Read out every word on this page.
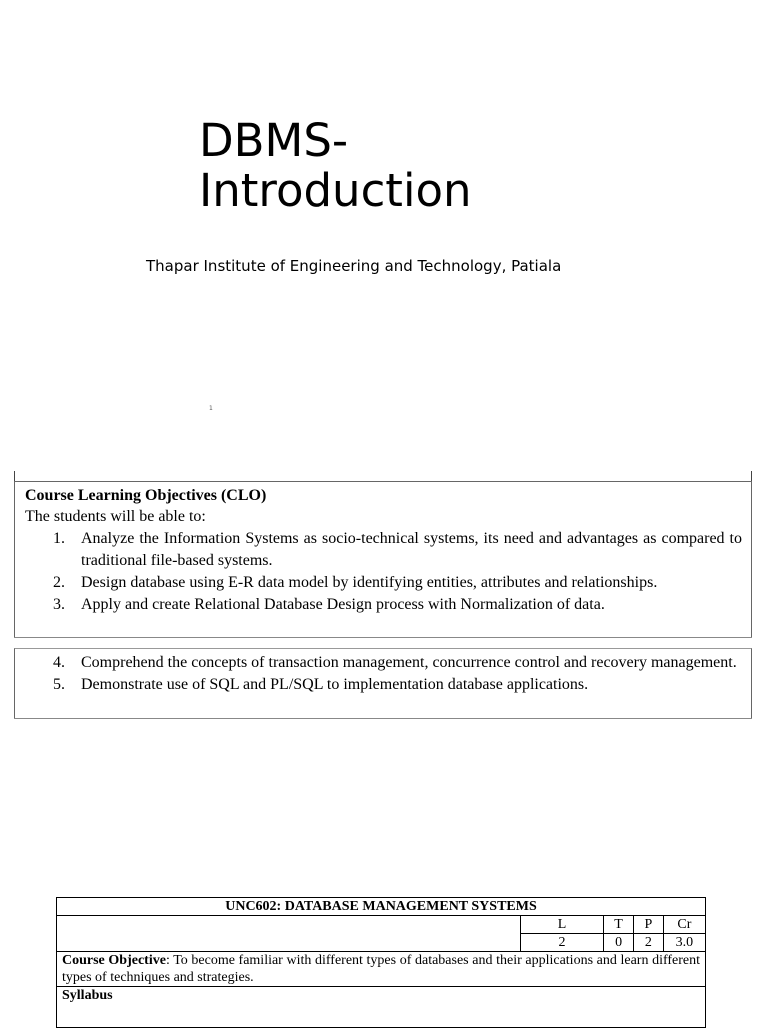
DBMS-
Introduction
Thapar Institute of Engineering and Technology, Patiala
1
Course Learning Objectives (CLO)
The students will be able to:
1. Analyze the Information Systems as socio-technical systems, its need and advantages as compared to traditional file-based systems.
2. Design database using E-R data model by identifying entities, attributes and relationships.
3. Apply and create Relational Database Design process with Normalization of data.
4. Comprehend the concepts of transaction management, concurrence control and recovery management.
5. Demonstrate use of SQL and PL/SQL to implementation database applications.
UNC602: DATABASE MANAGEMENT SYSTEMS				
	L	T	P	Cr
	2	0	2	3.0
Course Objective: To become familiar with different types of databases and their applications and learn different types of techniques and strategies.				
Syllabus				
